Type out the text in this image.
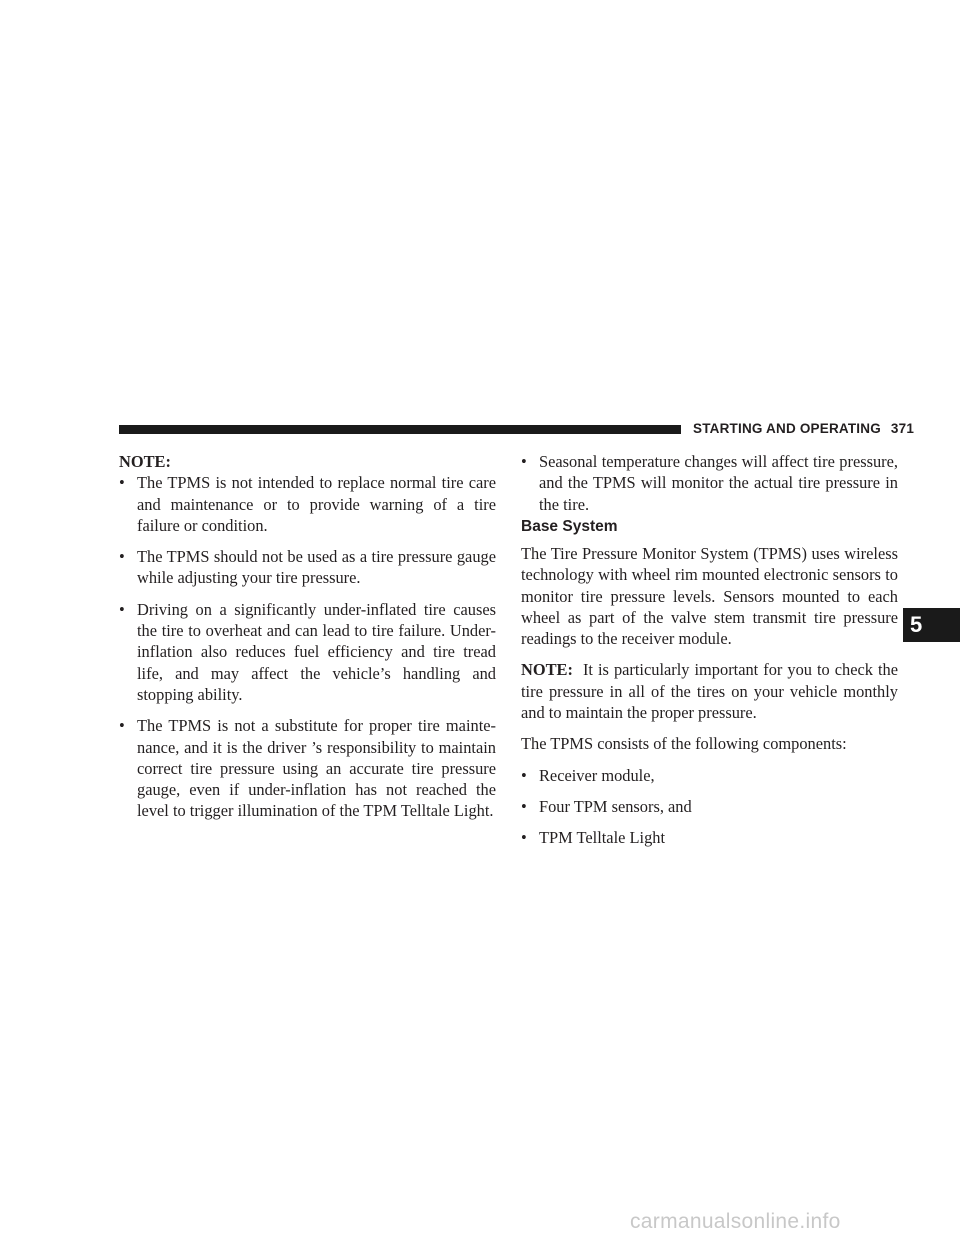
STARTING AND OPERATING 371
NOTE:
• The TPMS is not intended to replace normal tire care and maintenance or to provide warning of a tire failure or condition.
• The TPMS should not be used as a tire pressure gauge while adjusting your tire pressure.
• Driving on a significantly under-inflated tire causes the tire to overheat and can lead to tire failure. Under-inflation also reduces fuel efficiency and tire tread life, and may affect the vehicle’s handling and stopping ability.
• The TPMS is not a substitute for proper tire mainte-nance, and it is the driver ’s responsibility to maintain correct tire pressure using an accurate tire pressure gauge, even if under-inflation has not reached the level to trigger illumination of the TPM Telltale Light.
• Seasonal temperature changes will affect tire pressure, and the TPMS will monitor the actual tire pressure in the tire.
Base System
The Tire Pressure Monitor System (TPMS) uses wireless technology with wheel rim mounted electronic sensors to monitor tire pressure levels. Sensors mounted to each wheel as part of the valve stem transmit tire pressure readings to the receiver module.
NOTE: It is particularly important for you to check the tire pressure in all of the tires on your vehicle monthly and to maintain the proper pressure.
The TPMS consists of the following components:
• Receiver module,
• Four TPM sensors, and
• TPM Telltale Light
5
carmanualsonline.info
